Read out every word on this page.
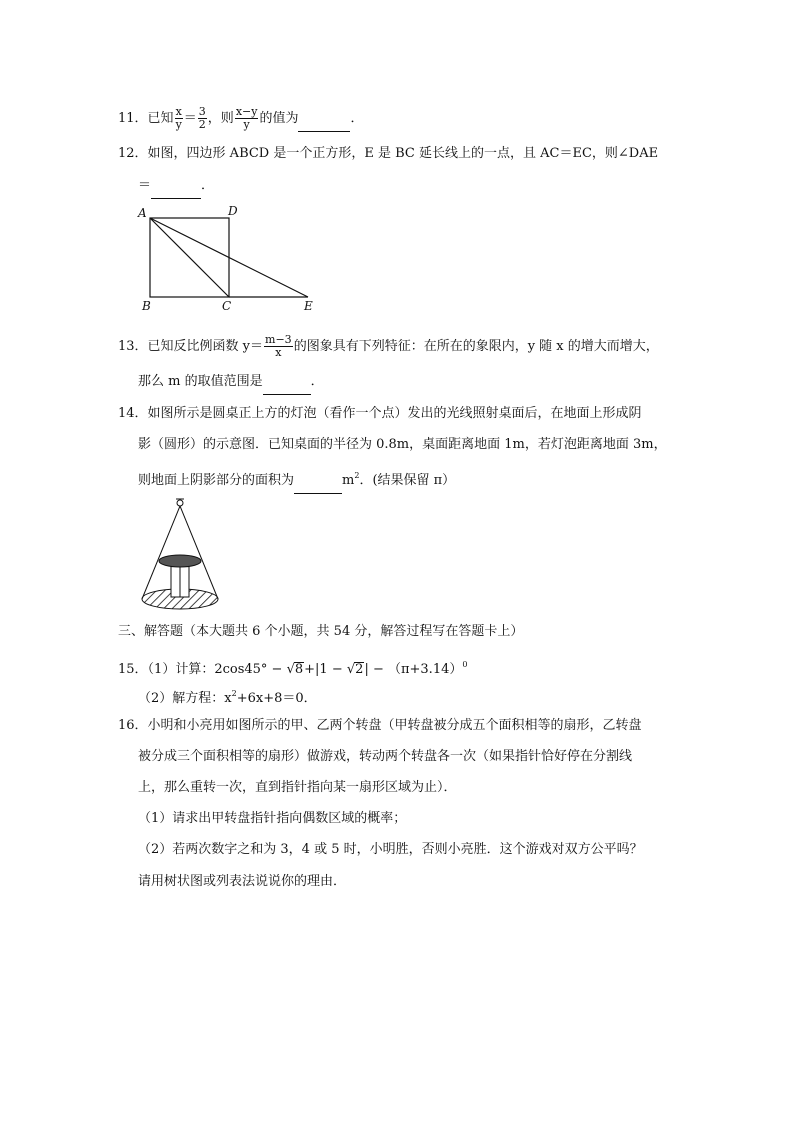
11．已知 $\frac{x}{y} = \frac{3}{2}$ ，则 $\frac{x-y}{y}$ 的值为	．
12．如图，四边形 ABCD 是一个正方形，E 是 BC 延长线上的一点，且 AC＝EC，则∠DAE
＝	．
A	D
B	C	E
13．已知反比例函数 $y= \frac{m-3}{x}$ 的图象具有下列特征：在所在的象限内，y 随 x 的增大而增大，
那么 m 的取值范围是	．
14．如图所示是圆桌正上方的灯泡（看作一个点）发出的光线照射桌面后，在地面上形成阴
影（圆形）的示意图．已知桌面的半径为 0.8m，桌面距离地面 1m，若灯泡距离地面 3m，
则地面上阴影部分的面积为	$m^2$．(结果保留 π）
三、解答题（本大题共 6 个小题，共 54 分，解答过程写在答题卡上）
15．（1）计算：$2\cos 45^\circ - √8+|1 - √2| - (\pi+3.14)^0$
（2）解方程：$x^2+6x+8=0$．
16．小明和小亮用如图所示的甲、乙两个转盘（甲转盘被分成五个面积相等的扇形，乙转盘
被分成三个面积相等的扇形）做游戏，转动两个转盘各一次（如果指针恰好停在分割线
上，那么重转一次，直到指针指向某一扇形区域为止）．
（1）请求出甲转盘指针指向偶数区域的概率；
（2）若两次数字之和为 3，4 或 5 时，小明胜，否则小亮胜．这个游戏对双方公平吗？
请用树状图或列表法说说你的理由．
